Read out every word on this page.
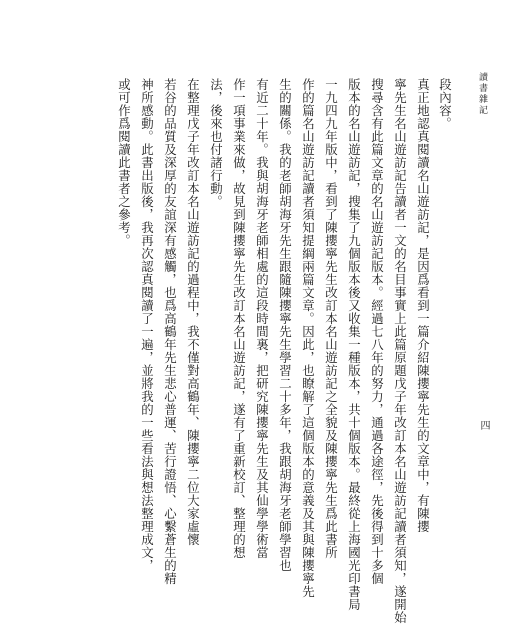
讀書雜記
段內容。
真正地認真閱讀名山遊訪記，是因爲看到一篇介紹陳攖寧先生的文章中，有陳攖
寧先生名山遊訪記告讀者一文的名目事實上此篇原題戊子年改訂本名山遊訪記讀者須知，遂開始
搜尋含有此篇文章的名山遊訪記版本。經過七八年的努力，通過各途徑，先後得到十多個
版本的名山遊訪記，搜集了九個版本後又收集一種版本，共十個版本。最終從上海國光印書局
一九四九年版中，看到了陳攖寧先生改訂本名山遊訪記之全貌及陳攖寧先生爲此書所
作的篇名山遊訪記讀者須知提綱兩篇文章。因此，也瞭解了這個版本的意義及其與陳攖寧先
生的關係。我的老師胡海牙先生跟隨陳攖寧先生學習二十多年，我跟胡海牙老師學習也
有近二十年。我與胡海牙老師相處的這段時間裏，把研究陳攖寧先生及其仙學學術當
作一項事業來做，故見到陳攖寧先生改訂本名山遊訪記，遂有了重新校訂、整理的想
法，後來也付諸行動。
在整理戊子年改訂本名山遊訪記的過程中，我不僅對高鶴年、陳攖寧二位大家虛懷
若谷的品質及深厚的友誼深有感觸，也爲高鶴年先生悲心普運、苦行證悟、心繫蒼生的精
神所感動。此書出版後，我再次認真閱讀了一遍，並將我的一些看法與想法整理成文，
或可作爲閱讀此書者之參考。
四
